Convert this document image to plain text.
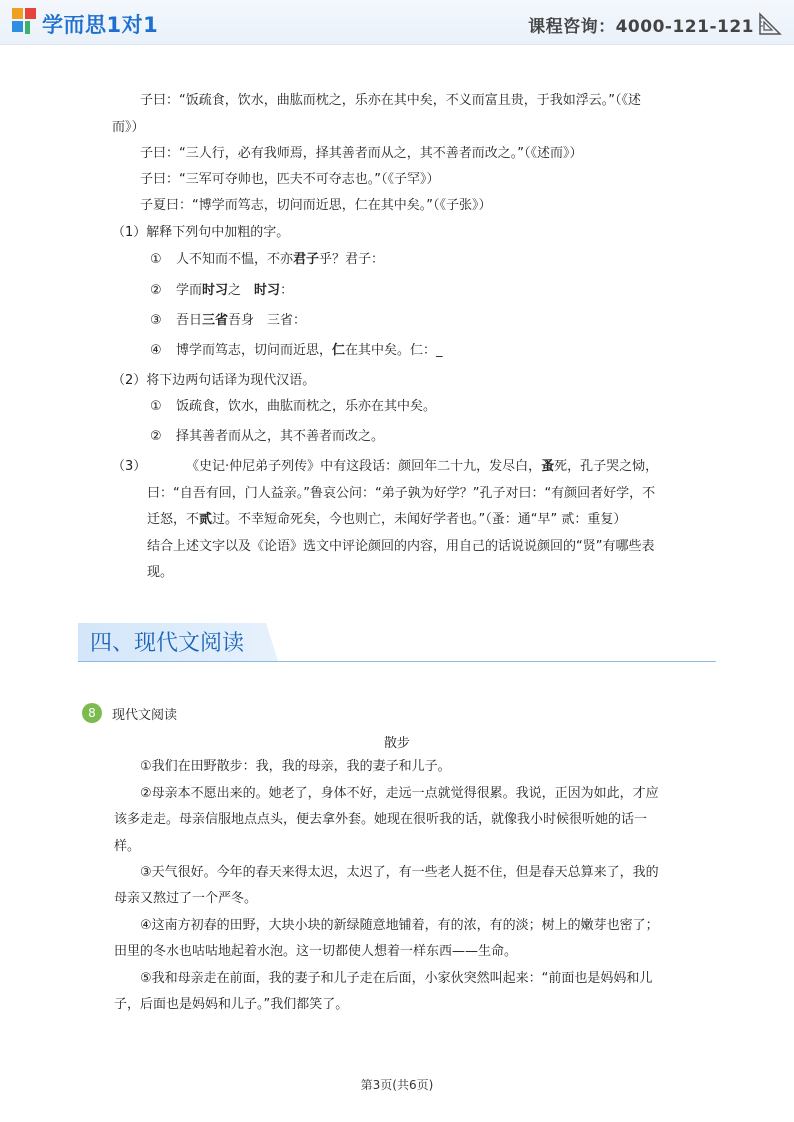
学而思1对1	课程咨询：4000-121-121
子曰：“饭疏食，饮水，曲肱而枕之，乐亦在其中矣，不义而富且贵，于我如浮云。”（《述
而》）
子曰：“三人行，必有我师焉，择其善者而从之，其不善者而改之。”（《述而》）
子曰：“三军可夺帅也，匹夫不可夺志也。”（《子罕》）
子夏曰：“博学而笃志，切问而近思，仁在其中矣。”（《子张》）
（1）解释下列句中加粗的字。
① 人不知而不愠，不亦君子乎？君子：
② 学而时习之　时习：
③ 吾日三省吾身　三省：
④ 博学而笃志，切问而近思，仁在其中矣。仁：_
（2）将下边两句话译为现代汉语。
① 饭疏食，饮水，曲肱而枕之，乐亦在其中矣。
② 择其善者而从之，其不善者而改之。
（3）	《史记·仲尼弟子列传》中有这段话：颜回年二十九，发尽白，蚤死，孔子哭之恸，
曰：“自吾有回，门人益亲。”鲁哀公问：“弟子孰为好学？”孔子对曰：“有颜回者好学，不
迁怒，不贰过。不幸短命死矣，今也则亡，未闻好学者也。”（蚤：通“早” 贰：重复）
结合上述文字以及《论语》选文中评论颜回的内容，用自己的话说说颜回的“贤”有哪些表
现。
四、现代文阅读
8	现代文阅读
散步
①我们在田野散步：我，我的母亲，我的妻子和儿子。
②母亲本不愿出来的。她老了，身体不好，走远一点就觉得很累。我说，正因为如此，才应
该多走走。母亲信服地点点头，便去拿外套。她现在很听我的话，就像我小时候很听她的话一
样。
③天气很好。今年的春天来得太迟，太迟了，有一些老人挺不住，但是春天总算来了，我的
母亲又熬过了一个严冬。
④这南方初春的田野，大块小块的新绿随意地铺着，有的浓，有的淡；树上的嫩芽也密了；
田里的冬水也咕咕地起着水泡。这一切都使人想着一样东西——生命。
⑤我和母亲走在前面，我的妻子和儿子走在后面，小家伙突然叫起来：“前面也是妈妈和儿
子，后面也是妈妈和儿子。”我们都笑了。
第3页(共6页)
